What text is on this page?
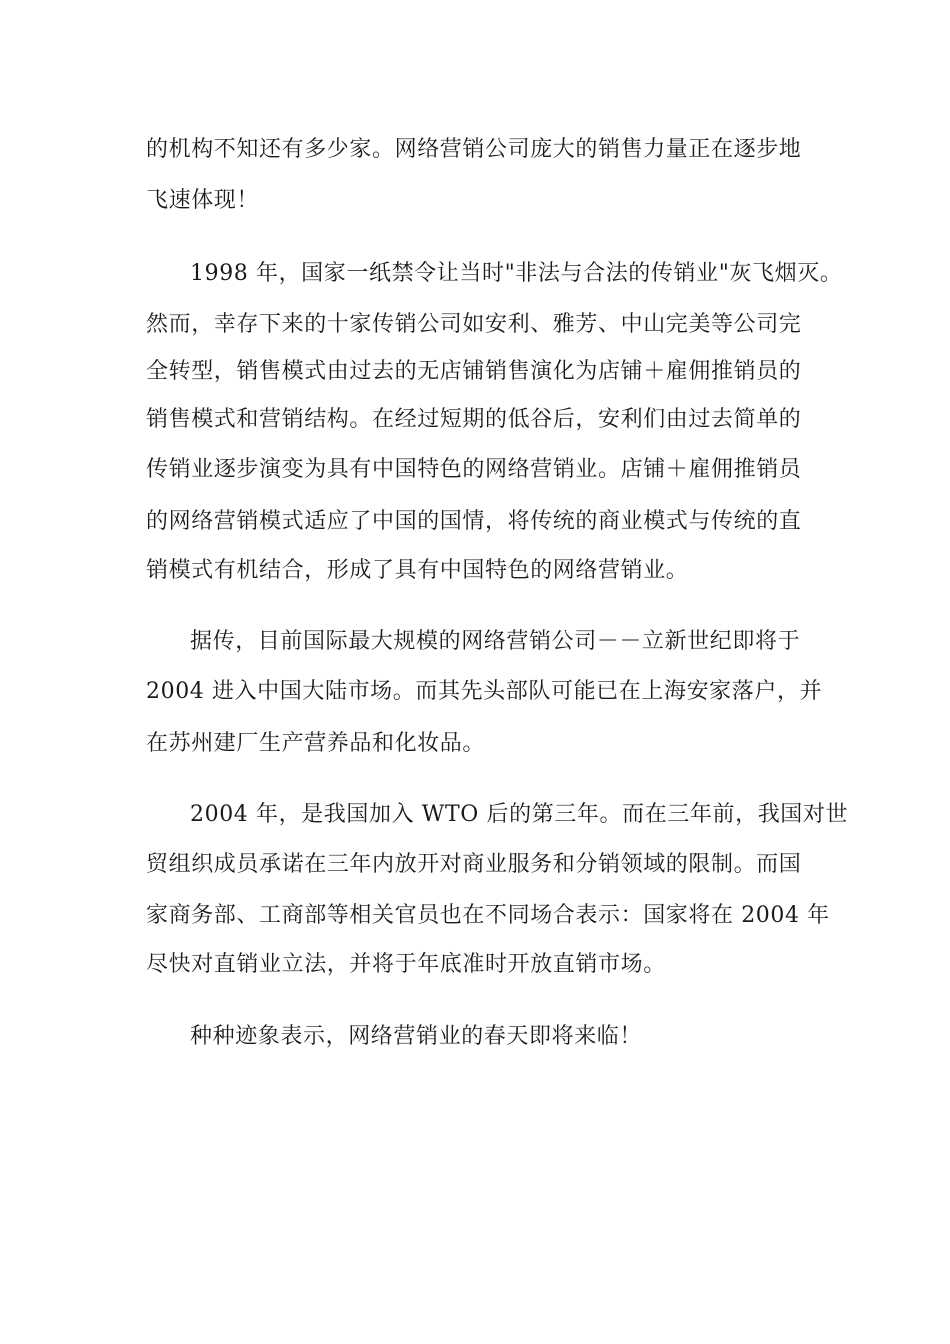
的机构不知还有多少家。网络营销公司庞大的销售力量正在逐步地
飞速体现！
1998 年，国家一纸禁令让当时"非法与合法的传销业"灰飞烟灭。
然而，幸存下来的十家传销公司如安利、雅芳、中山完美等公司完
全转型，销售模式由过去的无店铺销售演化为店铺＋雇佣推销员的
销售模式和营销结构。在经过短期的低谷后，安利们由过去简单的
传销业逐步演变为具有中国特色的网络营销业。店铺＋雇佣推销员
的网络营销模式适应了中国的国情，将传统的商业模式与传统的直
销模式有机结合，形成了具有中国特色的网络营销业。
据传，目前国际最大规模的网络营销公司－－立新世纪即将于
2004 进入中国大陆市场。而其先头部队可能已在上海安家落户，并
在苏州建厂生产营养品和化妆品。
2004 年，是我国加入 WTO 后的第三年。而在三年前，我国对世
贸组织成员承诺在三年内放开对商业服务和分销领域的限制。而国
家商务部、工商部等相关官员也在不同场合表示：国家将在 2004 年
尽快对直销业立法，并将于年底准时开放直销市场。
种种迹象表示，网络营销业的春天即将来临！
